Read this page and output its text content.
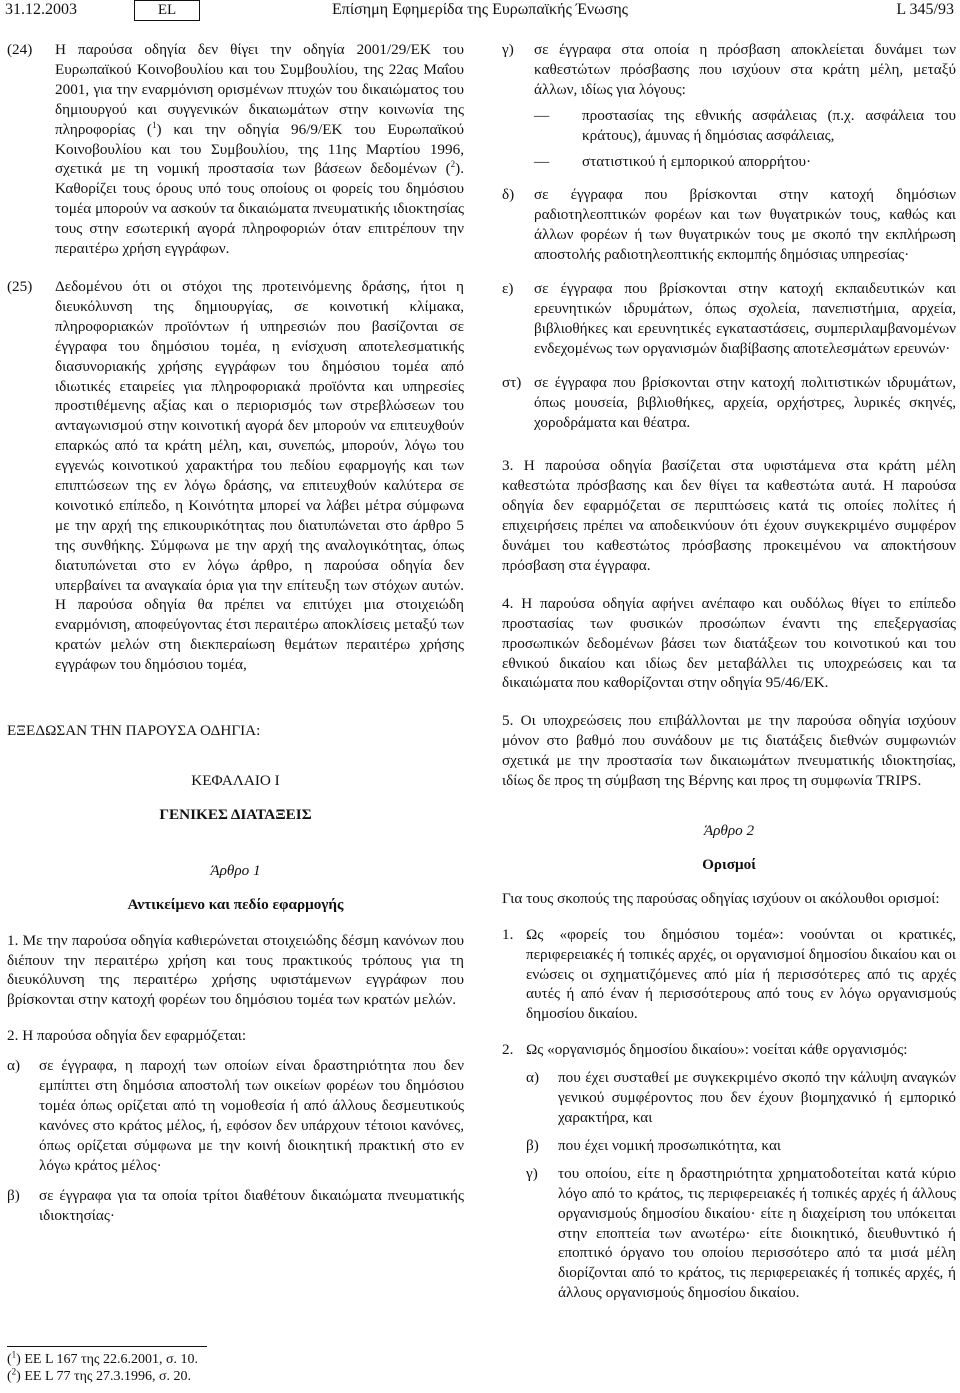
31.12.2003	EL	Επίσημη Εφημερίδα της Ευρωπαϊκής Ένωσης	L 345/93
(24)	Η παρούσα οδηγία δεν θίγει την οδηγία 2001/29/ΕΚ του Ευρωπαϊκού Κοινοβουλίου και του Συμβουλίου, της 22ας Μαΐου 2001, για την εναρμόνιση ορισμένων πτυχών του δικαιώματος του δημιουργού και συγγενικών δικαιωμάτων στην κοινωνία της πληροφορίας ($^1$) και την οδηγία 96/9/ΕΚ του Ευρωπαϊκού Κοινοβουλίου και του Συμβουλίου, της 11ης Μαρτίου 1996, σχετικά με τη νομική προστασία των βάσεων δεδομένων ($^2$). Καθορίζει τους όρους υπό τους οποίους οι φορείς του δημόσιου τομέα μπορούν να ασκούν τα δικαιώματα πνευματικής ιδιοκτησίας τους στην εσωτερική αγορά πληροφοριών όταν επιτρέπουν την περαιτέρω χρήση εγγράφων.

(25)	Δεδομένου ότι οι στόχοι της προτεινόμενης δράσης, ήτοι η διευκόλυνση της δημιουργίας, σε κοινοτική κλίμακα, πληροφοριακών προϊόντων ή υπηρεσιών που βασίζονται σε έγγραφα του δημόσιου τομέα, η ενίσχυση αποτελεσματικής διασυνοριακής χρήσης εγγράφων του δημόσιου τομέα από ιδιωτικές εταιρείες για πληροφοριακά προϊόντα και υπηρεσίες προστιθέμενης αξίας και ο περιορισμός των στρεβλώσεων του ανταγωνισμού στην κοινοτική αγορά δεν μπορούν να επιτευχθούν επαρκώς από τα κράτη μέλη, και, συνεπώς, μπορούν, λόγω του εγγενώς κοινοτικού χαρακτήρα του πεδίου εφαρμογής και των επιπτώσεων της εν λόγω δράσης, να επιτευχθούν καλύτερα σε κοινοτικό επίπεδο, η Κοινότητα μπορεί να λάβει μέτρα σύμφωνα με την αρχή της επικουρικότητας που διατυπώνεται στο άρθρο 5 της συνθήκης. Σύμφωνα με την αρχή της αναλογικότητας, όπως διατυπώνεται στο εν λόγω άρθρο, η παρούσα οδηγία δεν υπερβαίνει τα αναγκαία όρια για την επίτευξη των στόχων αυτών. Η παρούσα οδηγία θα πρέπει να επιτύχει μια στοιχειώδη εναρμόνιση, αποφεύγοντας έτσι περαιτέρω αποκλίσεις μεταξύ των κρατών μελών στη διεκπεραίωση θεμάτων περαιτέρω χρήσης εγγράφων του δημόσιου τομέα,

ΕΞΕΔΩΣΑΝ ΤΗΝ ΠΑΡΟΥΣΑ ΟΔΗΓΙΑ:

ΚΕΦΑΛΑΙΟ I

ΓΕΝΙΚΕΣ ΔΙΑΤΑΞΕΙΣ

Άρθρο 1

Αντικείμενο και πεδίο εφαρμογής

1. Με την παρούσα οδηγία καθιερώνεται στοιχειώδης δέσμη κανόνων που διέπουν την περαιτέρω χρήση και τους πρακτικούς τρόπους για τη διευκόλυνση της περαιτέρω χρήσης υφιστάμενων εγγράφων που βρίσκονται στην κατοχή φορέων του δημόσιου τομέα των κρατών μελών.

2. Η παρούσα οδηγία δεν εφαρμόζεται:

α)	σε έγγραφα, η παροχή των οποίων είναι δραστηριότητα που δεν εμπίπτει στη δημόσια αποστολή των οικείων φορέων του δημόσιου τομέα όπως ορίζεται από τη νομοθεσία ή από άλλους δεσμευτικούς κανόνες στο κράτος μέλος, ή, εφόσον δεν υπάρχουν τέτοιοι κανόνες, όπως ορίζεται σύμφωνα με την κοινή διοικητική πρακτική στο εν λόγω κράτος μέλος·

β)	σε έγγραφα για τα οποία τρίτοι διαθέτουν δικαιώματα πνευματικής ιδιοκτησίας·

($^1$) ΕΕ L 167 της 22.6.2001, σ. 10.
($^2$) ΕΕ L 77 της 27.3.1996, σ. 20.
γ)	σε έγγραφα στα οποία η πρόσβαση αποκλείεται δυνάμει των καθεστώτων πρόσβασης που ισχύουν στα κράτη μέλη, μεταξύ άλλων, ιδίως για λόγους:

—	προστασίας της εθνικής ασφάλειας (π.χ. ασφάλεια του κράτους), άμυνας ή δημόσιας ασφάλειας,

—	στατιστικού ή εμπορικού απορρήτου·

δ)	σε έγγραφα που βρίσκονται στην κατοχή δημόσιων ραδιοτηλεοπτικών φορέων και των θυγατρικών τους, καθώς και άλλων φορέων ή των θυγατρικών τους με σκοπό την εκπλήρωση αποστολής ραδιοτηλεοπτικής εκπομπής δημόσιας υπηρεσίας·

ε)	σε έγγραφα που βρίσκονται στην κατοχή εκπαιδευτικών και ερευνητικών ιδρυμάτων, όπως σχολεία, πανεπιστήμια, αρχεία, βιβλιοθήκες και ερευνητικές εγκαταστάσεις, συμπεριλαμβανομένων ενδεχομένως των οργανισμών διαβίβασης αποτελεσμάτων ερευνών·

στ) σε έγγραφα που βρίσκονται στην κατοχή πολιτιστικών ιδρυμάτων, όπως μουσεία, βιβλιοθήκες, αρχεία, ορχήστρες, λυρικές σκηνές, χοροδράματα και θέατρα.

3. Η παρούσα οδηγία βασίζεται στα υφιστάμενα στα κράτη μέλη καθεστώτα πρόσβασης και δεν θίγει τα καθεστώτα αυτά. Η παρούσα οδηγία δεν εφαρμόζεται σε περιπτώσεις κατά τις οποίες πολίτες ή επιχειρήσεις πρέπει να αποδεικνύουν ότι έχουν συγκεκριμένο συμφέρον δυνάμει του καθεστώτος πρόσβασης προκειμένου να αποκτήσουν πρόσβαση στα έγγραφα.

4. Η παρούσα οδηγία αφήνει ανέπαφο και ουδόλως θίγει το επίπεδο προστασίας των φυσικών προσώπων έναντι της επεξεργασίας προσωπικών δεδομένων βάσει των διατάξεων του κοινοτικού και του εθνικού δικαίου και ιδίως δεν μεταβάλλει τις υποχρεώσεις και τα δικαιώματα που καθορίζονται στην οδηγία 95/46/ΕΚ.

5. Οι υποχρεώσεις που επιβάλλονται με την παρούσα οδηγία ισχύουν μόνον στο βαθμό που συνάδουν με τις διατάξεις διεθνών συμφωνιών σχετικά με την προστασία των δικαιωμάτων πνευματικής ιδιοκτησίας, ιδίως δε προς τη σύμβαση της Βέρνης και προς τη συμφωνία TRIPS.

Άρθρο 2

Ορισμοί

Για τους σκοπούς της παρούσας οδηγίας ισχύουν οι ακόλουθοι ορισμοί:

1. Ως «φορείς του δημόσιου τομέα»: νοούνται οι κρατικές, περιφερειακές ή τοπικές αρχές, οι οργανισμοί δημοσίου δικαίου και οι ενώσεις οι σχηματιζόμενες από μία ή περισσότερες από τις αρχές αυτές ή από έναν ή περισσότερους από τους εν λόγω οργανισμούς δημοσίου δικαίου.

2. Ως «οργανισμός δημοσίου δικαίου»: νοείται κάθε οργανισμός:

α)	που έχει συσταθεί με συγκεκριμένο σκοπό την κάλυψη αναγκών γενικού συμφέροντος που δεν έχουν βιομηχανικό ή εμπορικό χαρακτήρα, και

β)	που έχει νομική προσωπικότητα, και

γ)	του οποίου, είτε η δραστηριότητα χρηματοδοτείται κατά κύριο λόγο από το κράτος, τις περιφερειακές ή τοπικές αρχές ή άλλους οργανισμούς δημοσίου δικαίου· είτε η διαχείριση του υπόκειται στην εποπτεία των ανωτέρω· είτε διοικητικό, διευθυντικό ή εποπτικό όργανο του οποίου περισσότερο από τα μισά μέλη διορίζονται από το κράτος, τις περιφερειακές ή τοπικές αρχές, ή άλλους οργανισμούς δημοσίου δικαίου.
